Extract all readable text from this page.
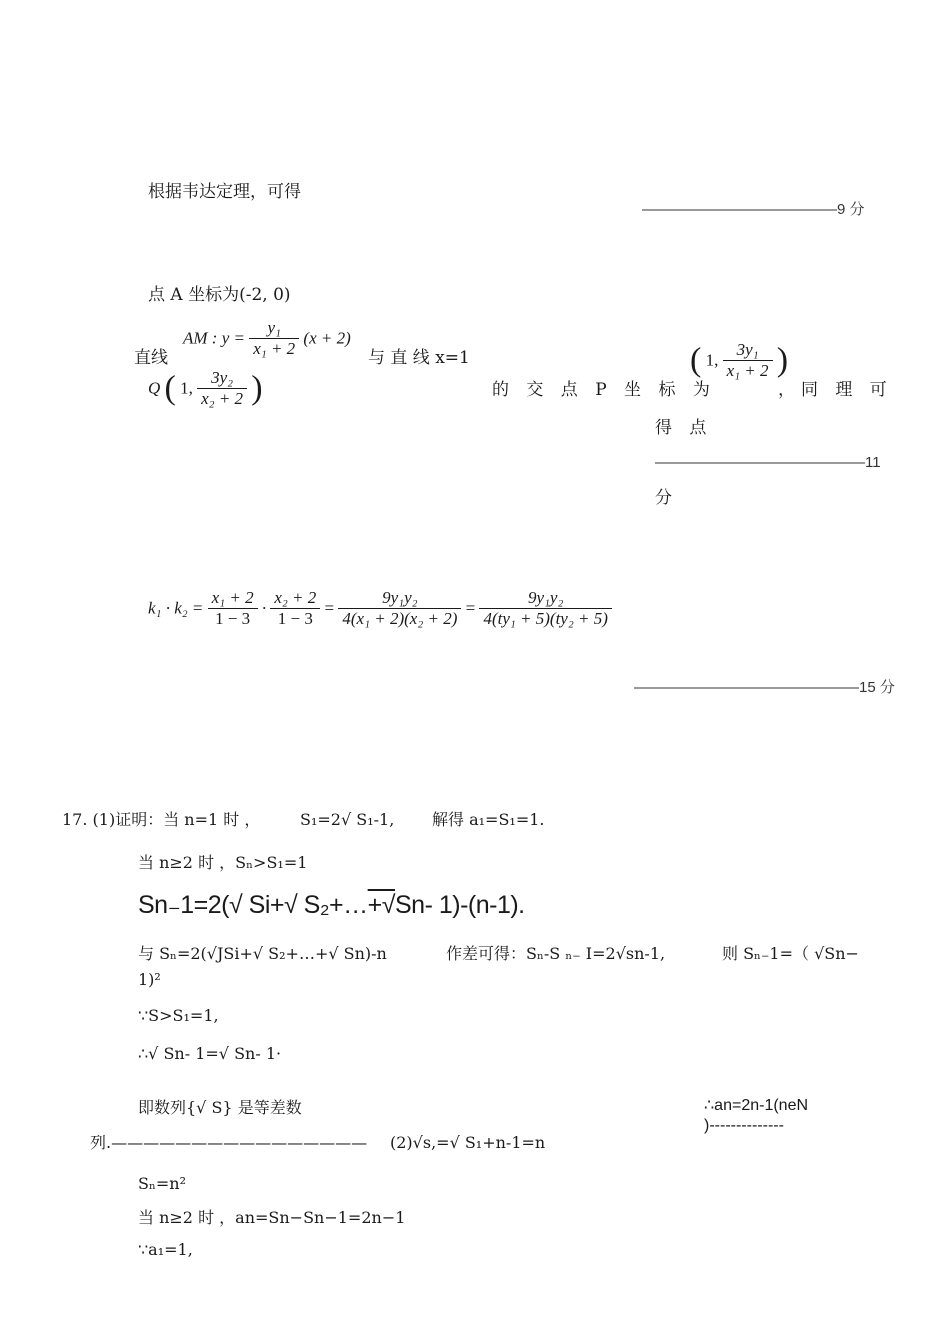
根据韦达定理，可得
—————————————9 分
点 A 坐标为(-2, 0)
直线
AM : $y = \frac{\text{y₁}}{\text{x₁ + 2}} (x + 2)$
与 直 线 x=1
Q ( 1, $\frac{\text{3y₂}}{\text{x₂ + 2}}$ )	的 交 点 P 坐 标 为
( 1, $\frac{\text{3y₁}}{\text{x₁ + 2}}$ )
，同 理 可
得 点
——————————————11
分
$k_1 \cdot k_2 = \frac{\text{x₁ + 2}}{1 - 3} \cdot \frac{\text{x₂ + 2}}{1 - 3} = \frac{\text{9y₁y₂}}{\text{4(x₁ + 2)(x₂ + 2)}} = \frac{\text{9y₁y₂}}{\text{4(ty₁ + 5)(ty₂ + 5)}}$
———————————————15 分
17. (1)证明：当 n=1 时 ， S₁=2√ S₁-1, 解得 a₁=S₁=1.
当 n≥2 时 ，Sₙ>S₁=1
Sn₋1=2(√ Si+√ S₂+…+√Sn- 1)-(n-1).
与 Sₙ=2(√JSi+√ S₂+…+√ Sn)-n	作差可得：Sₙ-S ₙ₋ I=2√sn-1,	则 Sₙ₋1=（ √Sn−
1)²
∵S>S₁=1,
∴√ Sn- 1=√ Sn- 1·
即数列{√ S} 是等差数	∴an=2n-1(neN
)--------------
列.———————————————— (2)√s,=√ S₁+n-1=n
Sₙ=n²
当 n≥2 时 ，an=Sn−Sn−1=2n−1
∵a₁=1,
